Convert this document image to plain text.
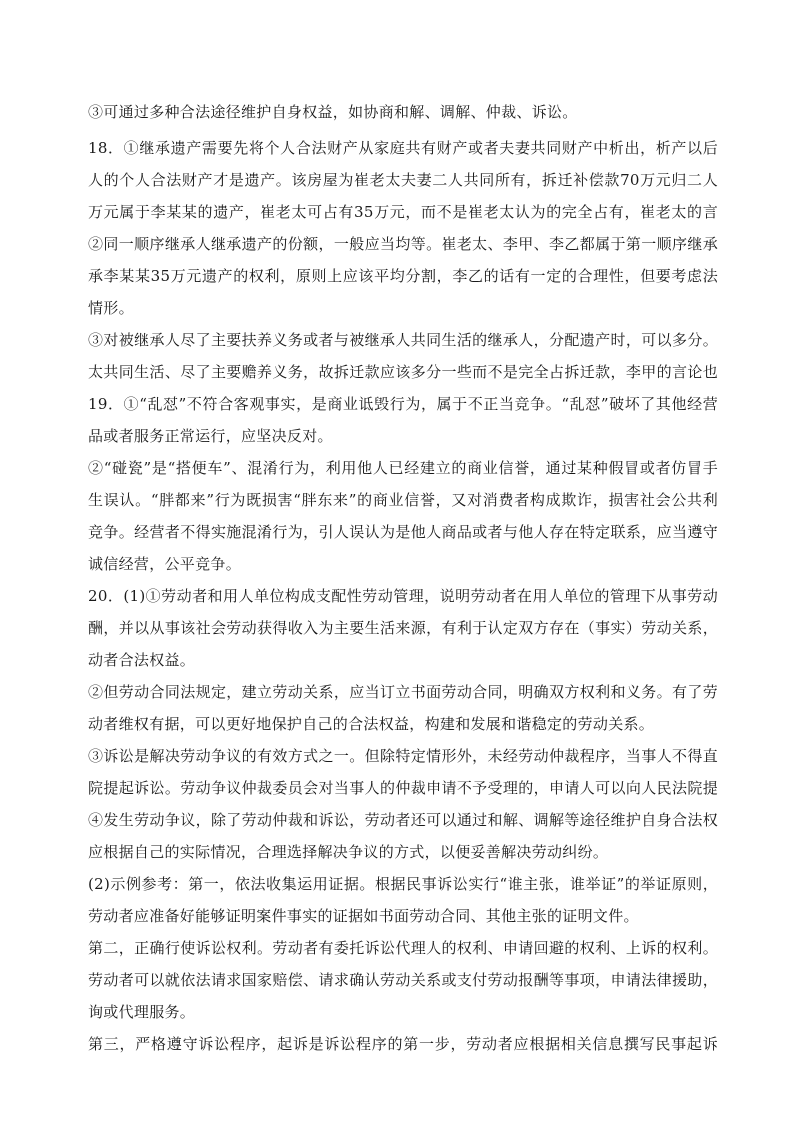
③可通过多种合法途径维护自身权益，如协商和解、调解、仲裁、诉讼。
18．①继承遗产需要先将个人合法财产从家庭共有财产或者夫妻共同财产中析出，析产以后
人的个人合法财产才是遗产。该房屋为崔老太夫妻二人共同所有，拆迁补偿款70万元归二人
万元属于李某某的遗产，崔老太可占有35万元，而不是崔老太认为的完全占有，崔老太的言
②同一顺序继承人继承遗产的份额，一般应当均等。崔老太、李甲、李乙都属于第一顺序继承
承李某某35万元遗产的权利，原则上应该平均分割，李乙的话有一定的合理性，但要考虑法
情形。
③对被继承人尽了主要扶养义务或者与被继承人共同生活的继承人，分配遗产时，可以多分。
太共同生活、尽了主要赡养义务，故拆迁款应该多分一些而不是完全占拆迁款，李甲的言论也
19．①“乱怼”不符合客观事实，是商业诋毁行为，属于不正当竞争。“乱怼”破坏了其他经营
品或者服务正常运行，应坚决反对。
②“碰瓷”是“搭便车”、混淆行为，利用他人已经建立的商业信誉，通过某种假冒或者仿冒手
生误认。“胖都来”行为既损害“胖东来”的商业信誉，又对消费者构成欺诈，损害社会公共利
竞争。经营者不得实施混淆行为，引人误认为是他人商品或者与他人存在特定联系，应当遵守
诚信经营，公平竞争。
20．(1)①劳动者和用人单位构成支配性劳动管理，说明劳动者在用人单位的管理下从事劳动
酬，并以从事该社会劳动获得收入为主要生活来源，有利于认定双方存在（事实）劳动关系，
动者合法权益。
②但劳动合同法规定，建立劳动关系，应当订立书面劳动合同，明确双方权利和义务。有了劳
动者维权有据，可以更好地保护自己的合法权益，构建和发展和谐稳定的劳动关系。
③诉讼是解决劳动争议的有效方式之一。但除特定情形外，未经劳动仲裁程序，当事人不得直
院提起诉讼。劳动争议仲裁委员会对当事人的仲裁申请不予受理的，申请人可以向人民法院提
④发生劳动争议，除了劳动仲裁和诉讼，劳动者还可以通过和解、调解等途径维护自身合法权
应根据自己的实际情况，合理选择解决争议的方式，以便妥善解决劳动纠纷。
(2)示例参考：第一，依法收集运用证据。根据民事诉讼实行“谁主张，谁举证”的举证原则，
劳动者应准备好能够证明案件事实的证据如书面劳动合同、其他主张的证明文件。
第二，正确行使诉讼权利。劳动者有委托诉讼代理人的权利、申请回避的权利、上诉的权利。
劳动者可以就依法请求国家赔偿、请求确认劳动关系或支付劳动报酬等事项，申请法律援助，
询或代理服务。
第三，严格遵守诉讼程序，起诉是诉讼程序的第一步，劳动者应根据相关信息撰写民事起诉
